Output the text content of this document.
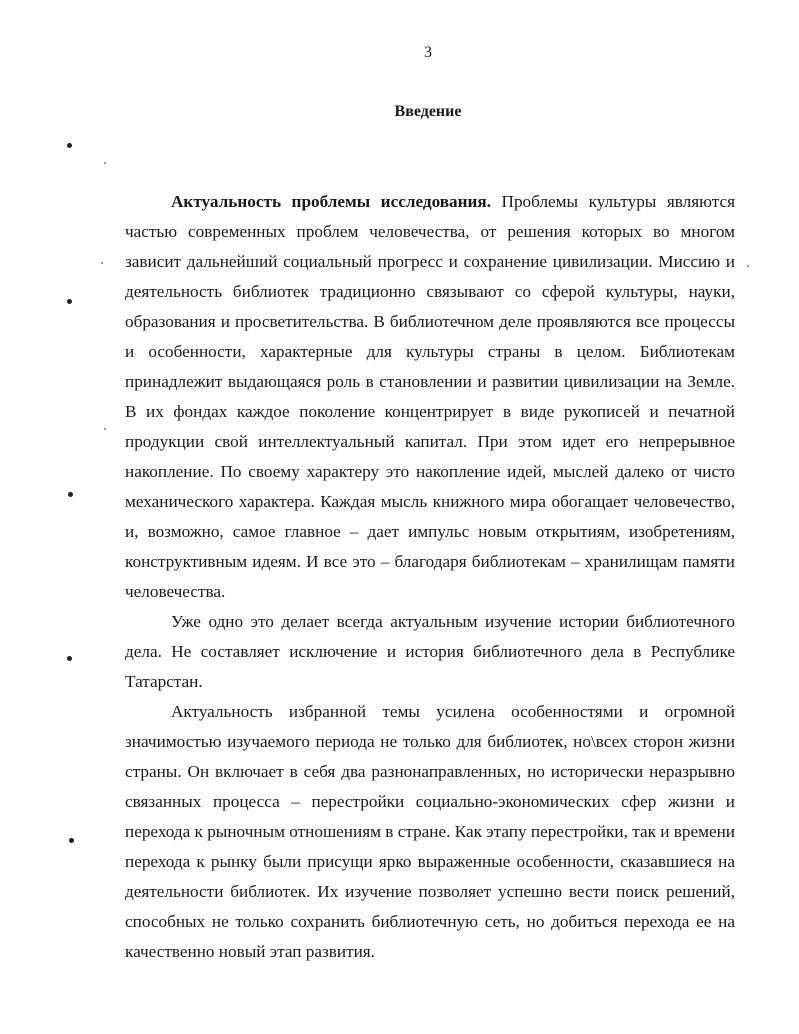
3
Введение

Актуальность проблемы исследования. Проблемы культуры являются частью современных проблем человечества, от решения которых во многом зависит дальнейший социальный прогресс и сохранение цивилизации. Миссию и деятельность библиотек традиционно связывают со сферой культуры, науки, образования и просветительства. В библиотечном деле проявляются все процессы и особенности, характерные для культуры страны в целом. Библиотекам принадлежит выдающаяся роль в становлении и развитии цивилизации на Земле. В их фондах каждое поколение концентрирует в виде рукописей и печатной продукции свой интеллектуальный капитал. При этом идет его непрерывное накопление. По своему характеру это накопление идей, мыслей далеко от чисто механического характера. Каждая мысль книжного мира обогащает человечество, и, возможно, самое главное – дает импульс новым открытиям, изобретениям, конструктивным идеям. И все это – благодаря библиотекам – хранилищам памяти человечества.

Уже одно это делает всегда актуальным изучение истории библиотечного дела. Не составляет исключение и история библиотечного дела в Республике Татарстан.

Актуальность избранной темы усилена особенностями и огромной значимостью изучаемого периода не только для библиотек, но\всех сторон жизни страны. Он включает в себя два разнонаправленных, но исторически неразрывно связанных процесса – перестройки социально-экономических сфер жизни и перехода к рыночным отношениям в стране. Как этапу перестройки, так и времени перехода к рынку были присущи ярко выраженные особенности, сказавшиеся на деятельности библиотек. Их изучение позволяет успешно вести поиск решений, способных не только сохранить библиотечную сеть, но добиться перехода ее на качественно новый этап развития.
